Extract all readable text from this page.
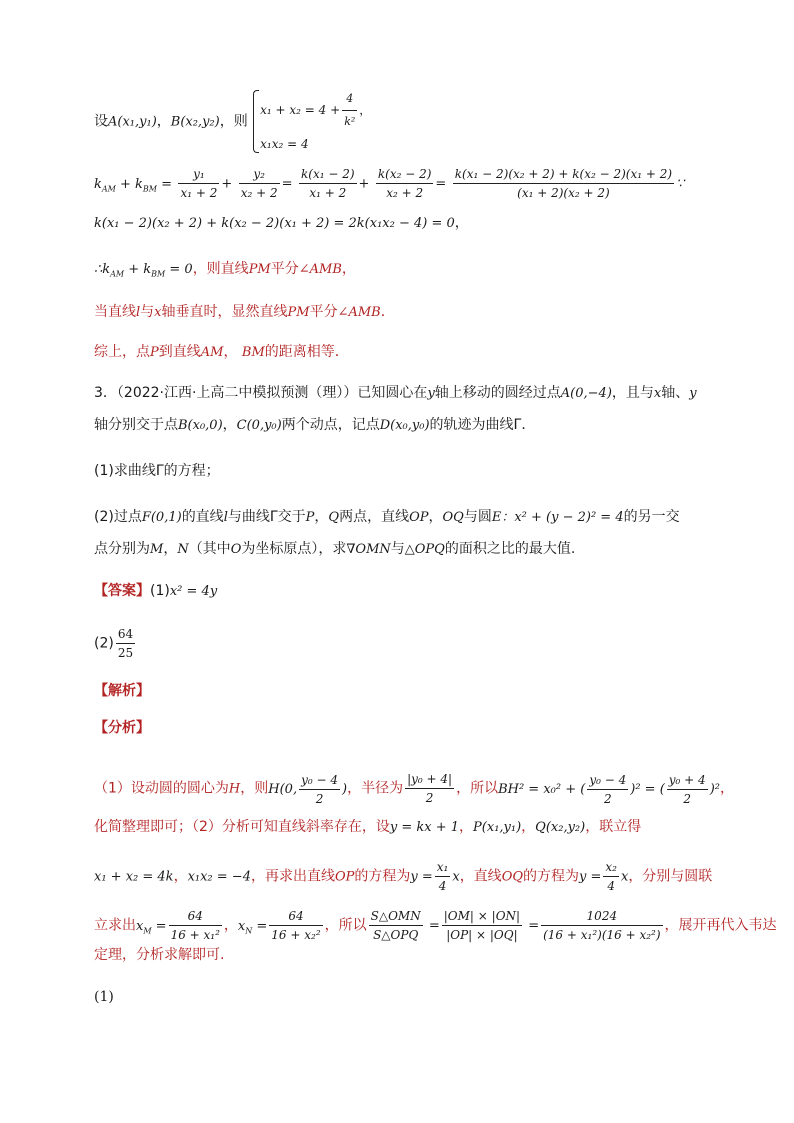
设A(x₁,y₁)，B(x₂,y₂)，则
$x_1 + x_2 = 4 + \frac{4}{\text{k²}}$ ，
x₁x₂ = 4
$k_{AM} + k_{BM} = \frac{\text{y₁}}{\text{x₁ + 2}} + \frac{\text{y₂}}{\text{x₂ + 2}} = \frac{\text{k(x₁ − 2)}}{\text{x₁ + 2}} + \frac{\text{k(x₂ − 2)}}{\text{x₂ + 2}} = \frac{\text{k(x₁ − 2)(x₂ + 2) + k(x₂ − 2)(x₁ + 2)}}{\text{(x₁ + 2)(x₂ + 2)}}$ ∵
k(x₁ − 2)(x₂ + 2) + k(x₂ − 2)(x₁ + 2) = 2k(x₁x₂ − 4) = 0，
$\therefore k_{AM} + k_{BM} = 0$，则直线PM平分∠AMB，
当直线l与x轴垂直时，显然直线PM平分∠AMB．
综上，点P到直线AM， BM的距离相等．
3．（2022·江西·上高二中模拟预测（理））已知圆心在y轴上移动的圆经过点A(0,−4)，且与x轴、y
轴分别交于点B(x₀,0)，C(0,y₀)两个动点，记点D(x₀,y₀)的轨迹为曲线Γ．
(1)求曲线Γ的方程；
(2)过点F(0,1)的直线l与曲线Γ交于P，Q两点，直线OP，OQ与圆E：x² + (y − 2)² = 4的另一交
点分别为M，N（其中O为坐标原点），求∇OMN与△OPQ的面积之比的最大值.
【答案】(1)x² = 4y
$(2) \frac{64}{25}$
【解析】
【分析】
（1）设动圆的圆心为H，则H(0, $\frac{\text{y₀ − 4}}{2}$ )，半径为 $\frac{\text{|y₀ + 4|}}{2}$ ，所以BH² = x₀² + ( $\frac{\text{y₀ − 4}}{2} )^2$ = ( $\frac{\text{y₀ + 4}}{2} )^2$，
化简整理即可；（2）分析可知直线斜率存在，设y = kx + 1，P(x₁,y₁)，Q(x₂,y₂)，联立得
x₁ + x₂ = 4k，x₁x₂ = −4，再求出直线OP的方程为$y = \frac{\text{x₁}}{4}$ x，直线OQ的方程为$y = \frac{\text{x₂}}{4}$ x，分别与圆联
立求出$x_M = \frac{64}{\text{16 + x₁²}}$ ，$x_N = \frac{64}{\text{16 + x₂²}}$ ，所以 $\frac{\text{S△OMN}}{\text{S△OPQ}} = \frac{|OM| \times |ON|}{|OP| \times |OQ|} = \frac{1024}{\text{(16 + x₁²)(16 + x₂²)}}$ ，展开再代入韦达
定理，分析求解即可.
(1)
